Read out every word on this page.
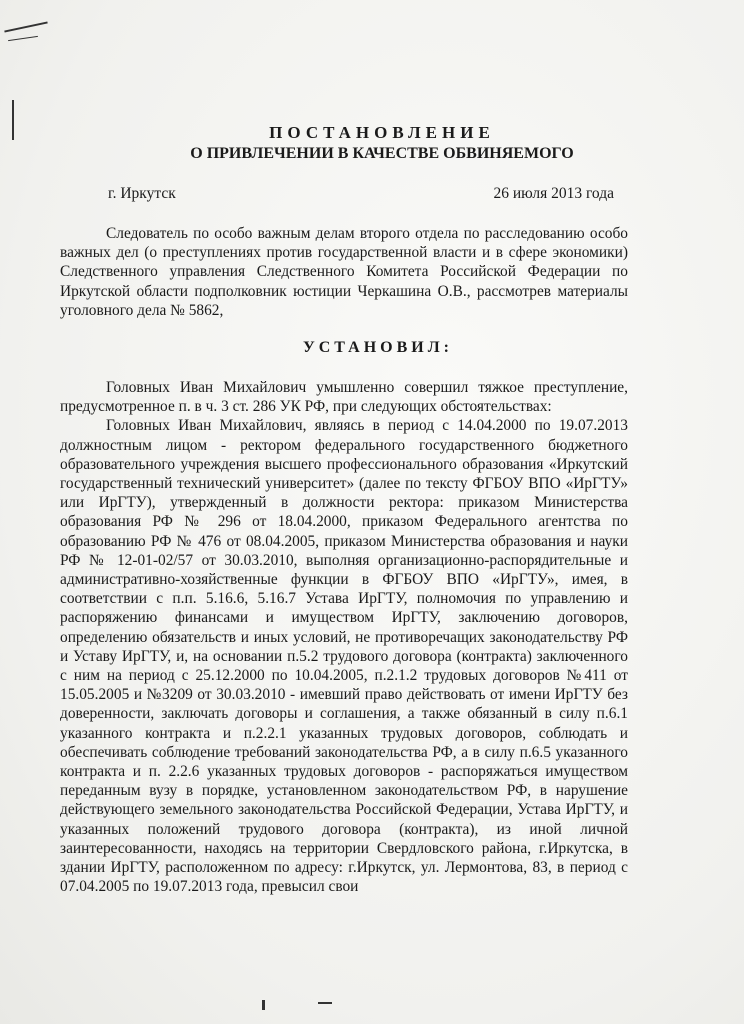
ПОСТАНОВЛЕНИЕ
О ПРИВЛЕЧЕНИИ В КАЧЕСТВЕ ОБВИНЯЕМОГО
г. Иркутск	26 июля 2013 года

Следователь по особо важным делам второго отдела по расследованию особо важных дел (о преступлениях против государственной власти и в сфере экономики) Следственного управления Следственного Комитета Российской Федерации по Иркутской области подполковник юстиции Черкашина О.В., рассмотрев материалы уголовного дела № 5862,

УСТАНОВИЛ:

Головных Иван Михайлович умышленно совершил тяжкое преступление, предусмотренное п. в ч. 3 ст. 286 УК РФ, при следующих обстоятельствах:

Головных Иван Михайлович, являясь в период с 14.04.2000 по 19.07.2013 должностным лицом - ректором федерального государственного бюджетного образовательного учреждения высшего профессионального образования «Иркутский государственный технический университет» (далее по тексту ФГБОУ ВПО «ИрГТУ» или ИрГТУ), утвержденный в должности ректора: приказом Министерства образования РФ № 296 от 18.04.2000, приказом Федерального агентства по образованию РФ № 476 от 08.04.2005, приказом Министерства образования и науки РФ № 12-01-02/57 от 30.03.2010, выполняя организационно-распорядительные и административно-хозяйственные функции в ФГБОУ ВПО «ИрГТУ», имея, в соответствии с п.п. 5.16.6, 5.16.7 Устава ИрГТУ, полномочия по управлению и распоряжению финансами и имуществом ИрГТУ, заключению договоров, определению обязательств и иных условий, не противоречащих законодательству РФ и Уставу ИрГТУ, и, на основании п.5.2 трудового договора (контракта) заключенного с ним на период с 25.12.2000 по 10.04.2005, п.2.1.2 трудовых договоров №411 от 15.05.2005 и №3209 от 30.03.2010 - имевший право действовать от имени ИрГТУ без доверенности, заключать договоры и соглашения, а также обязанный в силу п.6.1 указанного контракта и п.2.2.1 указанных трудовых договоров, соблюдать и обеспечивать соблюдение требований законодательства РФ, а в силу п.6.5 указанного контракта и п. 2.2.6 указанных трудовых договоров - распоряжаться имуществом переданным вузу в порядке, установленном законодательством РФ, в нарушение действующего земельного законодательства Российской Федерации, Устава ИрГТУ, и указанных положений трудового договора (контракта), из иной личной заинтересованности, находясь на территории Свердловского района, г.Иркутска, в здании ИрГТУ, расположенном по адресу: г.Иркутск, ул. Лермонтова, 83, в период с 07.04.2005 по 19.07.2013 года, превысил свои
